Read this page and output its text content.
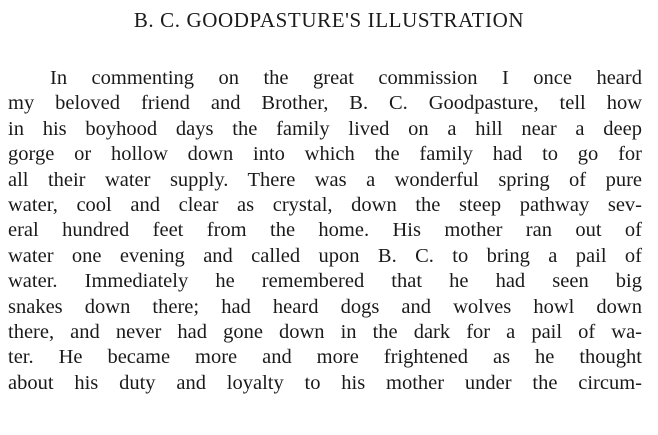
B. C. GOODPASTURE'S ILLUSTRATION
In commenting on the great commission I once heard
my beloved friend and Brother, B. C. Goodpasture, tell how
in his boyhood days the family lived on a hill near a deep
gorge or hollow down into which the family had to go for
all their water supply. There was a wonderful spring of pure
water, cool and clear as crystal, down the steep pathway sev-
eral hundred feet from the home. His mother ran out of
water one evening and called upon B. C. to bring a pail of
water. Immediately he remembered that he had seen big
snakes down there; had heard dogs and wolves howl down
there, and never had gone down in the dark for a pail of wa-
ter. He became more and more frightened as he thought
about his duty and loyalty to his mother under the circum-
